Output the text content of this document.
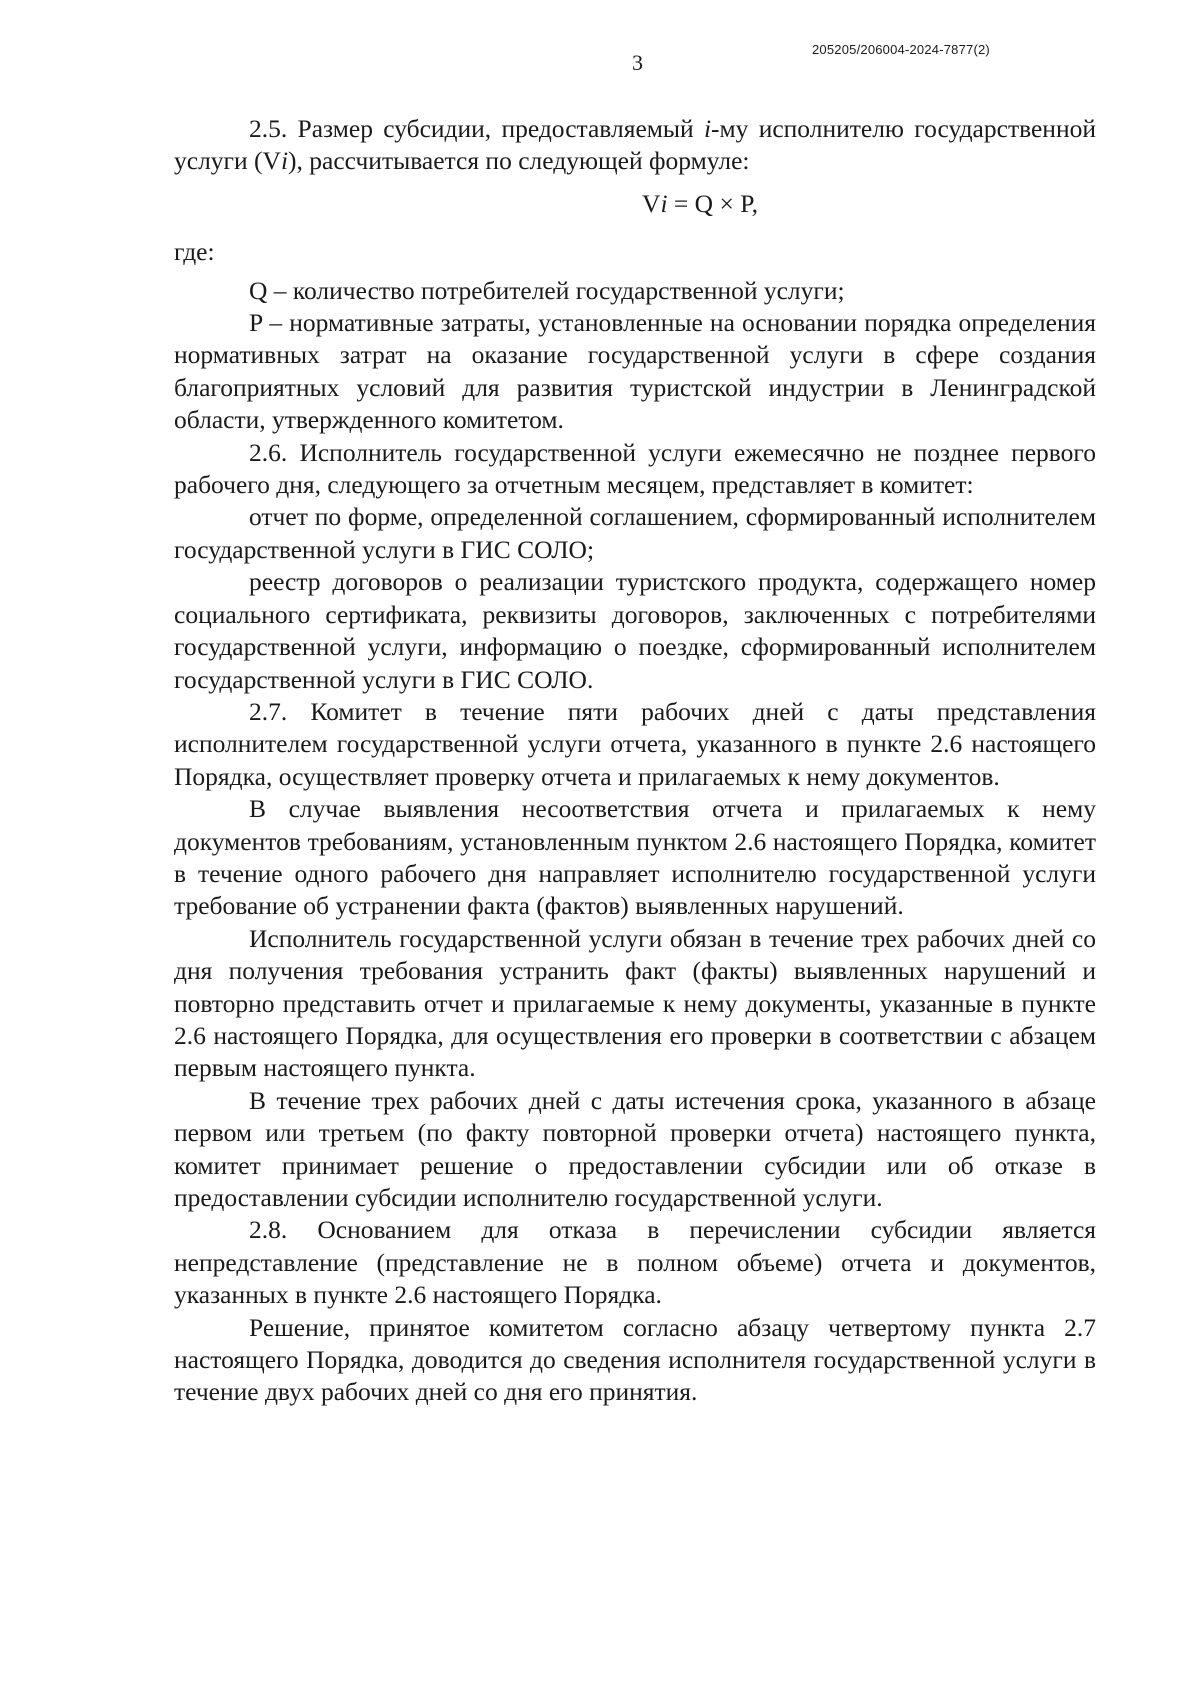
3
205205/206004-2024-7877(2)

2.5. Размер субсидии, предоставляемый i-му исполнителю государственной услуги (Vi), рассчитывается по следующей формуле:

Vi = Q × P,

где:

Q – количество потребителей государственной услуги;

P – нормативные затраты, установленные на основании порядка определения нормативных затрат на оказание государственной услуги в сфере создания благоприятных условий для развития туристской индустрии в Ленинградской области, утвержденного комитетом.

2.6. Исполнитель государственной услуги ежемесячно не позднее первого рабочего дня, следующего за отчетным месяцем, представляет в комитет:

отчет по форме, определенной соглашением, сформированный исполнителем государственной услуги в ГИС СОЛО;

реестр договоров о реализации туристского продукта, содержащего номер социального сертификата, реквизиты договоров, заключенных с потребителями государственной услуги, информацию о поездке, сформированный исполнителем государственной услуги в ГИС СОЛО.

2.7. Комитет в течение пяти рабочих дней с даты представления исполнителем государственной услуги отчета, указанного в пункте 2.6 настоящего Порядка, осуществляет проверку отчета и прилагаемых к нему документов.

В случае выявления несоответствия отчета и прилагаемых к нему документов требованиям, установленным пунктом 2.6 настоящего Порядка, комитет в течение одного рабочего дня направляет исполнителю государственной услуги требование об устранении факта (фактов) выявленных нарушений.

Исполнитель государственной услуги обязан в течение трех рабочих дней со дня получения требования устранить факт (факты) выявленных нарушений и повторно представить отчет и прилагаемые к нему документы, указанные в пункте 2.6 настоящего Порядка, для осуществления его проверки в соответствии с абзацем первым настоящего пункта.

В течение трех рабочих дней с даты истечения срока, указанного в абзаце первом или третьем (по факту повторной проверки отчета) настоящего пункта, комитет принимает решение о предоставлении субсидии или об отказе в предоставлении субсидии исполнителю государственной услуги.

2.8. Основанием для отказа в перечислении субсидии является непредставление (представление не в полном объеме) отчета и документов, указанных в пункте 2.6 настоящего Порядка.

Решение, принятое комитетом согласно абзацу четвертому пункта 2.7 настоящего Порядка, доводится до сведения исполнителя государственной услуги в течение двух рабочих дней со дня его принятия.
